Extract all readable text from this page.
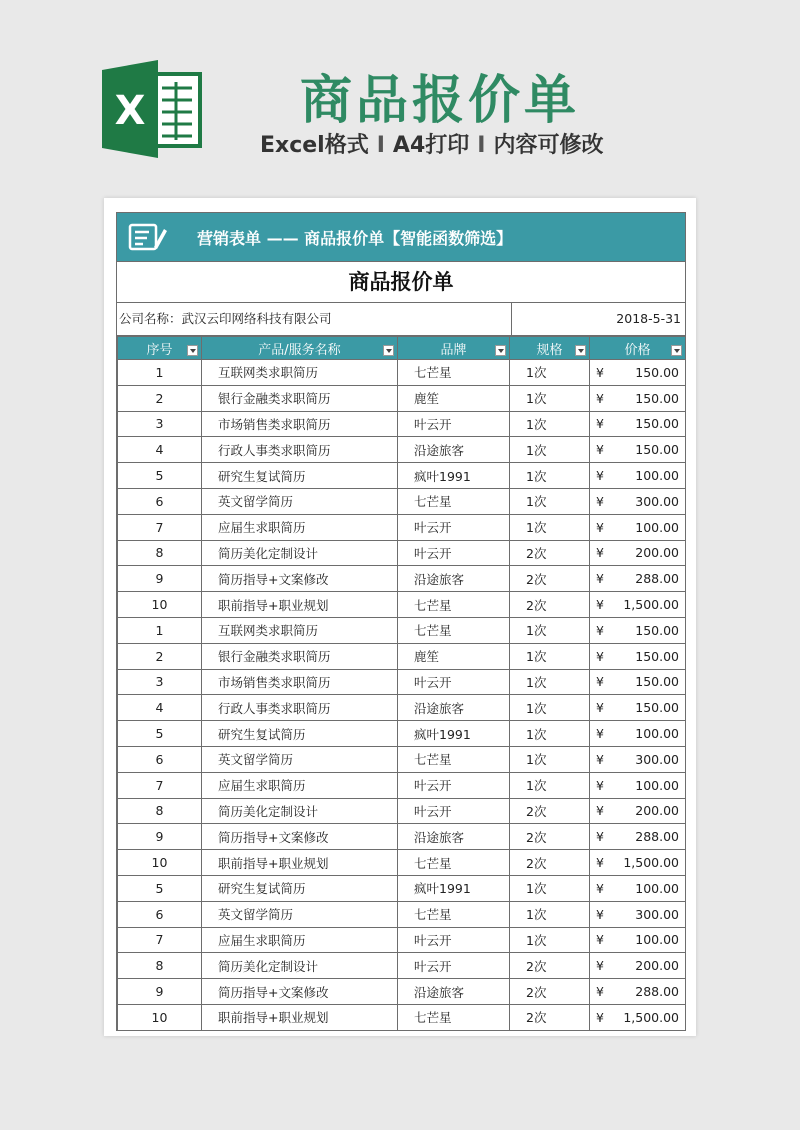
X	商品报价单
Excel格式 I A4打印 I 内容可修改
营销表单 —— 商品报价单【智能函数筛选】
商品报价单
公司名称：武汉云印网络科技有限公司	2018-5-31
序号	产品/服务名称	品牌	规格	价格

1	互联网类求职简历	七芒星	1次	¥ 150.00

2	银行金融类求职简历	鹿笙	1次	¥ 150.00

3	市场销售类求职简历	叶云开	1次	¥ 150.00

4	行政人事类求职简历	沿途旅客	1次	¥ 150.00

5	研究生复试简历	疯叶1991	1次	¥ 100.00

6	英文留学简历	七芒星	1次	¥ 300.00

7	应届生求职简历	叶云开	1次	¥ 100.00

8	简历美化定制设计	叶云开	2次	¥ 200.00

9	简历指导+文案修改	沿途旅客	2次	¥ 288.00

10	职前指导+职业规划	七芒星	2次	¥ 1,500.00

1	互联网类求职简历	七芒星	1次	¥ 150.00

2	银行金融类求职简历	鹿笙	1次	¥ 150.00

3	市场销售类求职简历	叶云开	1次	¥ 150.00

4	行政人事类求职简历	沿途旅客	1次	¥ 150.00

5	研究生复试简历	疯叶1991	1次	¥ 100.00

6	英文留学简历	七芒星	1次	¥ 300.00

7	应届生求职简历	叶云开	1次	¥ 100.00

8	简历美化定制设计	叶云开	2次	¥ 200.00

9	简历指导+文案修改	沿途旅客	2次	¥ 288.00

10	职前指导+职业规划	七芒星	2次	¥ 1,500.00

5	研究生复试简历	疯叶1991	1次	¥ 100.00

6	英文留学简历	七芒星	1次	¥ 300.00

7	应届生求职简历	叶云开	1次	¥ 100.00

8	简历美化定制设计	叶云开	2次	¥ 200.00

9	简历指导+文案修改	沿途旅客	2次	¥ 288.00

10	职前指导+职业规划	七芒星	2次	¥ 1,500.00
